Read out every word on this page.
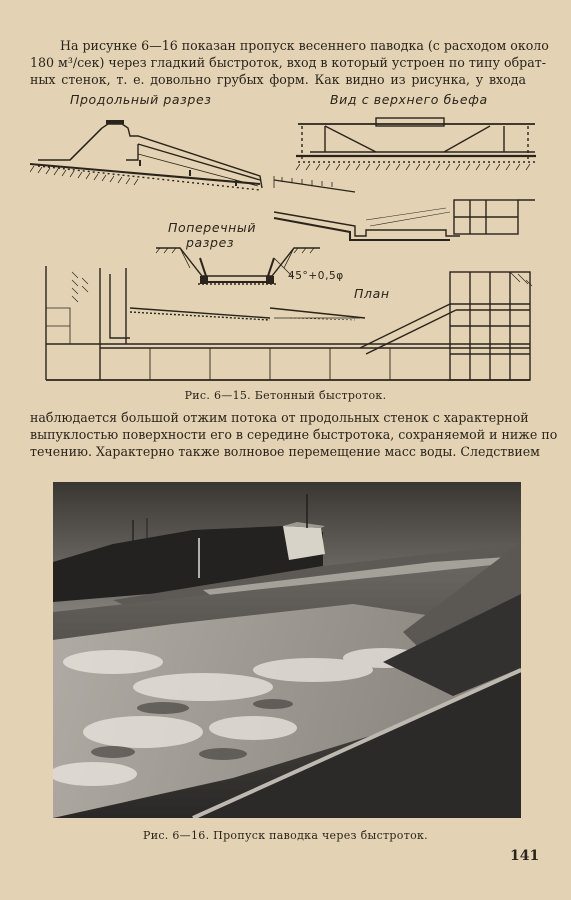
На рисунке 6—16 показан пропуск весеннего паводка (с расходом около
180 м³/сек) через гладкий быстроток, вход в который устроен по типу обрат-
ных стенок, т. е. довольно грубых форм. Как видно из рисунка, у входа
Продольный разрез	Вид с верхнего бьефа
Поперечный
разрез
45°+0,5φ
План
Рис. 6—15. Бетонный быстроток.
наблюдается большой отжим потока от продольных стенок с характерной
выпуклостью поверхности его в середине быстротока, сохраняемой и ниже по
течению. Характерно также волновое перемещение масс воды. Следствием
Рис. 6—16. Пропуск паводка через быстроток.
141
